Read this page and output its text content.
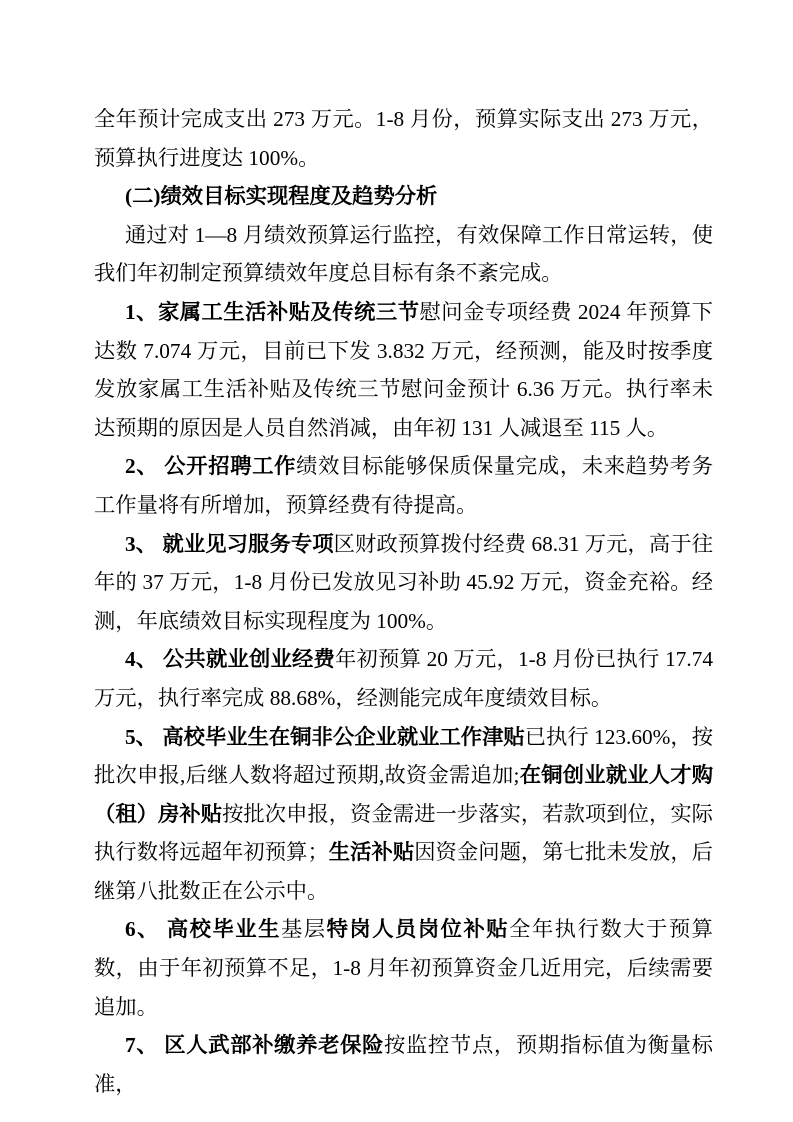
全年预计完成支出 273 万元。1-8 月份，预算实际支出 273 万元，预算执行进度达 100%。

(二)绩效目标实现程度及趋势分析

通过对 1—8 月绩效预算运行监控，有效保障工作日常运转，使我们年初制定预算绩效年度总目标有条不紊完成。

1、家属工生活补贴及传统三节慰问金专项经费 2024 年预算下达数 7.074 万元，目前已下发 3.832 万元，经预测，能及时按季度发放家属工生活补贴及传统三节慰问金预计 6.36 万元。执行率未达预期的原因是人员自然消减，由年初 131 人减退至 115 人。

2、 公开招聘工作绩效目标能够保质保量完成，未来趋势考务工作量将有所增加，预算经费有待提高。

3、 就业见习服务专项区财政预算拨付经费 68.31 万元，高于往年的 37 万元，1-8 月份已发放见习补助 45.92 万元，资金充裕。经测，年底绩效目标实现程度为 100%。

4、 公共就业创业经费年初预算 20 万元，1-8 月份已执行 17.74 万元，执行率完成 88.68%，经测能完成年度绩效目标。

5、 高校毕业生在铜非公企业就业工作津贴已执行 123.60%，按批次申报,后继人数将超过预期,故资金需追加;在铜创业就业人才购（租）房补贴按批次申报，资金需进一步落实，若款项到位，实际执行数将远超年初预算；生活补贴因资金问题，第七批未发放，后继第八批数正在公示中。

6、 高校毕业生基层特岗人员岗位补贴全年执行数大于预算数，由于年初预算不足，1-8 月年初预算资金几近用完，后续需要追加。

7、 区人武部补缴养老保险按监控节点，预期指标值为衡量标准，
